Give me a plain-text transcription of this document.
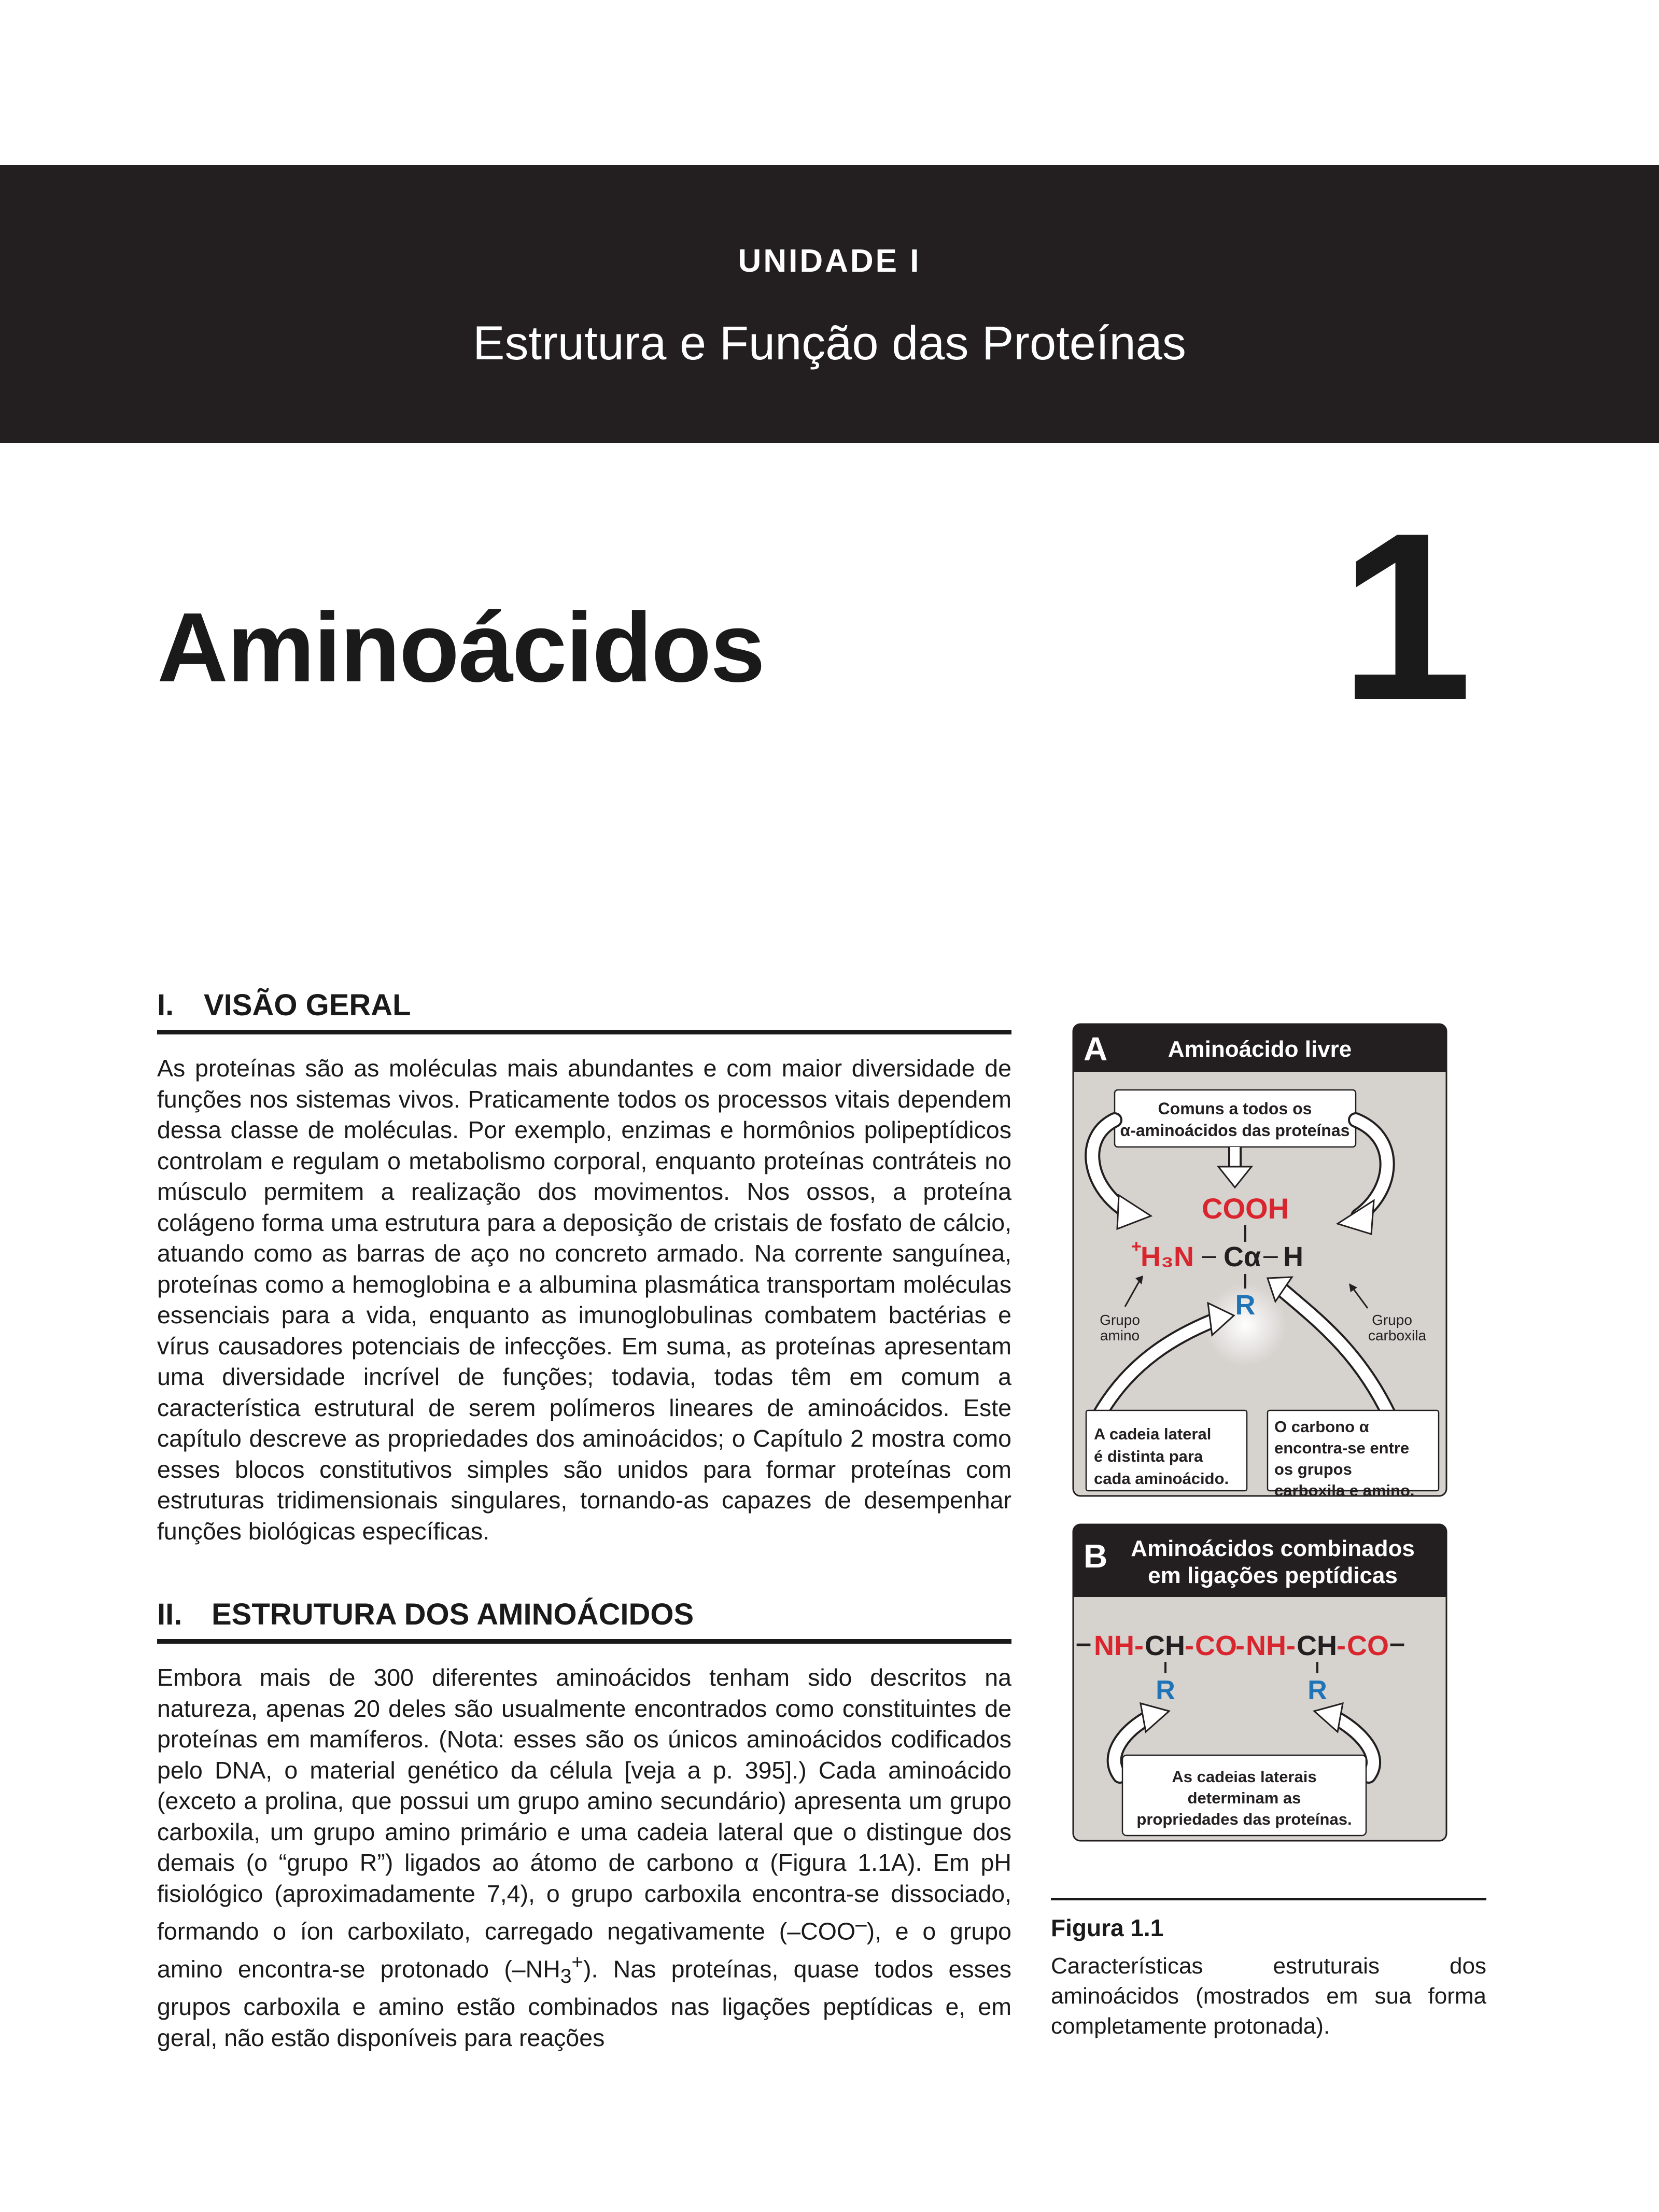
UNIDADE I
Estrutura e Função das Proteínas
Aminoácidos 1
I. VISÃO GERAL

As proteínas são as moléculas mais abundantes e com maior diversidade de funções nos sistemas vivos. Praticamente todos os processos vitais dependem dessa classe de moléculas. Por exemplo, enzimas e hormônios polipeptídicos controlam e regulam o metabolismo corporal, enquanto proteínas contráteis no músculo permitem a realização dos movimentos. Nos ossos, a proteína colágeno forma uma estrutura para a deposição de cristais de fosfato de cálcio, atuando como as barras de aço no concreto armado. Na corrente sanguínea, proteínas como a hemoglobina e a albumina plasmática transportam moléculas essenciais para a vida, enquanto as imunoglobulinas combatem bactérias e vírus causadores potenciais de infecções. Em suma, as proteínas apresentam uma diversidade incrível de funções; todavia, todas têm em comum a característica estrutural de serem polímeros lineares de aminoácidos. Este capítulo descreve as propriedades dos aminoácidos; o Capítulo 2 mostra como esses blocos constitutivos simples são unidos para formar proteínas com estruturas tridimensionais singulares, tornando-as capazes de desempenhar funções biológicas específicas.

II. ESTRUTURA DOS AMINOÁCIDOS

Embora mais de 300 diferentes aminoácidos tenham sido descritos na natureza, apenas 20 deles são usualmente encontrados como constituintes de proteínas em mamíferos. (Nota: esses são os únicos aminoácidos codificados pelo DNA, o material genético da célula [veja a p. 395].) Cada aminoácido (exceto a prolina, que possui um grupo amino secundário) apresenta um grupo carboxila, um grupo amino primário e uma cadeia lateral que o distingue dos demais (o “grupo R”) ligados ao átomo de carbono α (Figura 1.1A). Em pH fisiológico (aproximadamente 7,4), o grupo carboxila encontra-se dissociado, formando o íon carboxilato, carregado negativamente (–COO–), e o grupo amino encontra-se protonado $(-NH_3^+)$. Nas proteínas, quase todos esses grupos carboxila e amino estão combinados nas ligações peptídicas e, em geral, não estão disponíveis para reações

A	Aminoácido livre
Comuns a todos os
α-aminoácidos das proteínas
COOH
+
H₃N – Cα – H
R
Grupo
amino
Grupo
carboxila
A cadeia lateral
é distinta para
cada aminoácido.
O carbono α
encontra-se entre
os grupos
carboxila e amino.
B Aminoácidos combinados
em ligações peptídicas
– NH - CH - CO
- NH - CH - CO –
R	R
As cadeias laterais
determinam as
propriedades das proteínas.
Figura 1.1
Características estruturais dos aminoácidos (mostrados em sua forma completamente protonada).
